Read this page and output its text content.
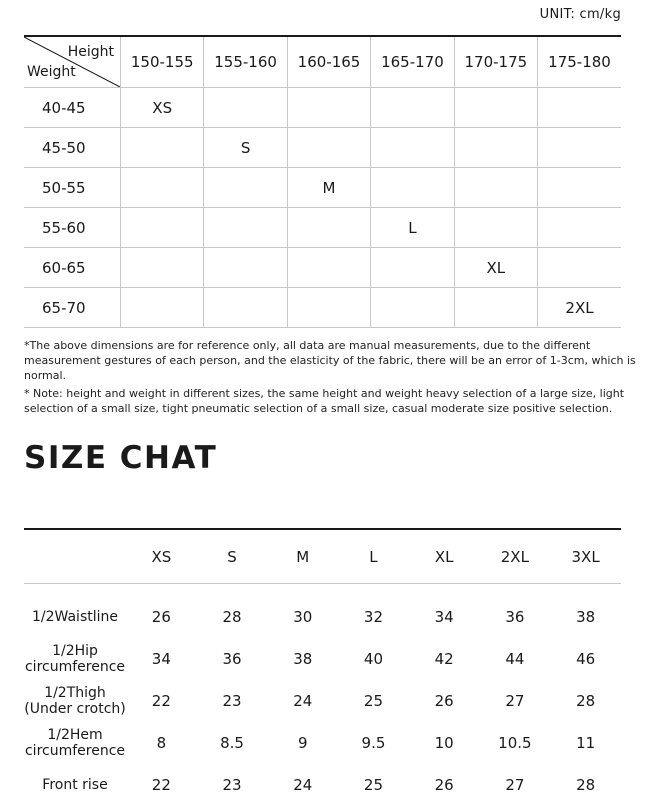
UNIT: cm/kg
Height
Weight	150-155	155-160	160-165	165-170	170-175	175-180
40-45	XS					
45-50		S				
50-55			M			
55-60				L		
60-65					XL	
65-70						2XL

*The above dimensions are for reference only, all data are manual measurements, due to the different measurement gestures of each person, and the elasticity of the fabric, there will be an error of 1-3cm, which is normal.

* Note: height and weight in different sizes, the same height and weight heavy selection of a large size, light selection of a small size, tight pneumatic selection of a small size, casual moderate size positive selection.

SIZE CHAT
	XS	S	M	L	XL	2XL	3XL

1/2Waistline	26	28	30	32	34	36	38

1/2Hip
circumference	34	36	38	40	42	44	46

1/2Thigh
(Under crotch)	22	23	24	25	26	27	28

1/2Hem
circumference	8	8.5	9	9.5	10	10.5	11

Front rise	22	23	24	25	26	27	28
